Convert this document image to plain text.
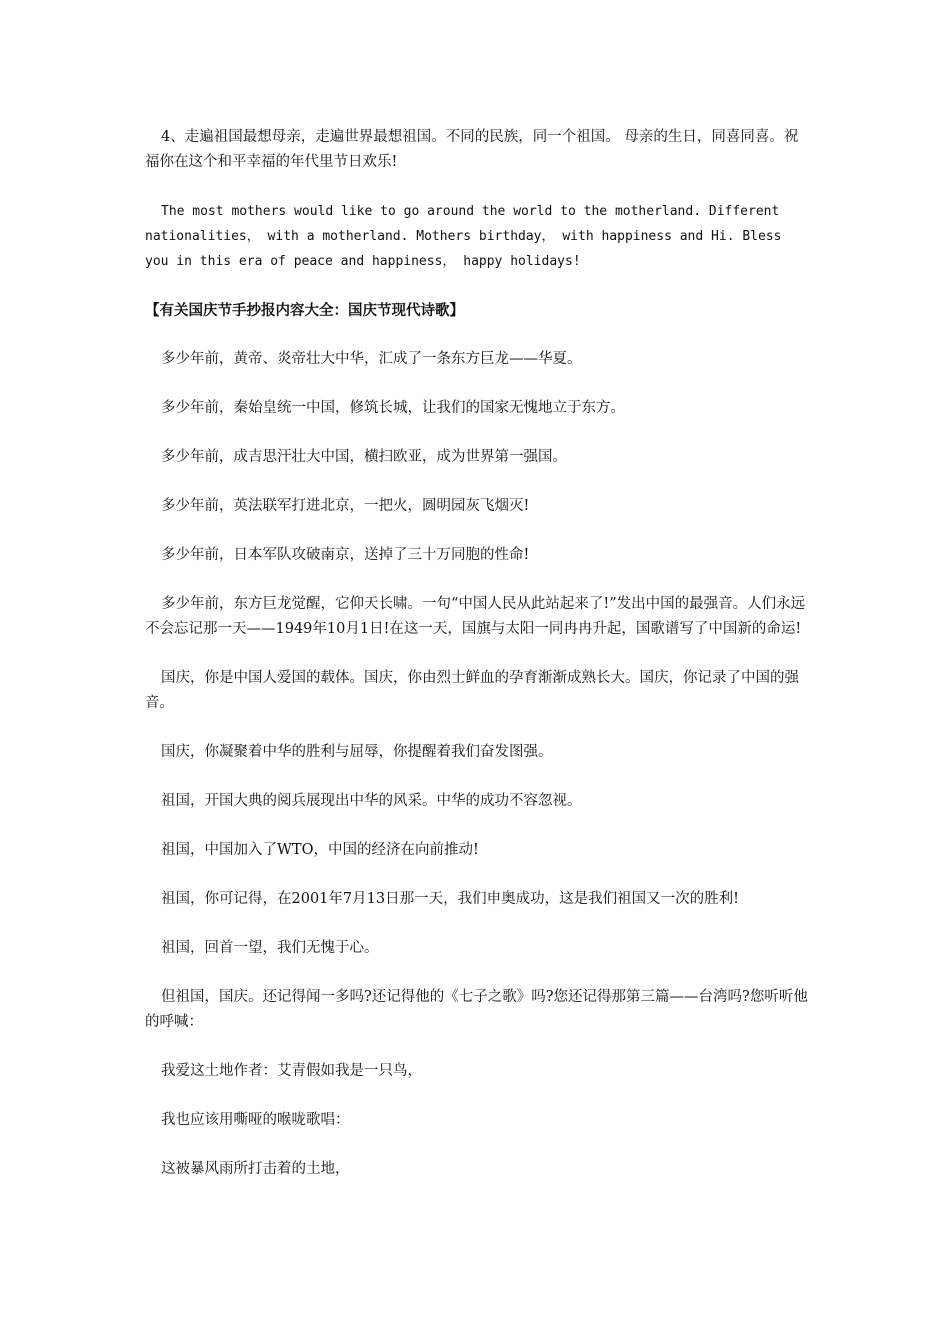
4、走遍祖国最想母亲，走遍世界最想祖国。不同的民族，同一个祖国。 母亲的生日，同喜同喜。祝福你在这个和平幸福的年代里节日欢乐!

The most mothers would like to go around the world to the motherland. Different nationalities， with a motherland. Mothers birthday， with happiness and Hi. Bless you in this era of peace and happiness， happy holidays!

【有关国庆节手抄报内容大全：国庆节现代诗歌】

多少年前，黄帝、炎帝壮大中华，汇成了一条东方巨龙——华夏。

多少年前，秦始皇统一中国，修筑长城，让我们的国家无愧地立于东方。

多少年前，成吉思汗壮大中国，横扫欧亚，成为世界第一强国。

多少年前，英法联军打进北京，一把火，圆明园灰飞烟灭!

多少年前，日本军队攻破南京，送掉了三十万同胞的性命!

多少年前，东方巨龙觉醒，它仰天长啸。一句“中国人民从此站起来了!”发出中国的最强音。人们永远不会忘记那一天——1949年10月1日!在这一天，国旗与太阳一同冉冉升起，国歌谱写了中国新的命运!

国庆，你是中国人爱国的载体。国庆，你由烈士鲜血的孕育渐渐成熟长大。国庆，你记录了中国的强音。

国庆，你凝聚着中华的胜利与屈辱，你提醒着我们奋发图强。

祖国，开国大典的阅兵展现出中华的风采。中华的成功不容忽视。

祖国，中国加入了WTO，中国的经济在向前推动!

祖国，你可记得，在2001年7月13日那一天，我们申奥成功，这是我们祖国又一次的胜利!

祖国，回首一望，我们无愧于心。

但祖国，国庆。还记得闻一多吗?还记得他的《七子之歌》吗?您还记得那第三篇——台湾吗?您听听他的呼喊：

我爱这土地作者：艾青假如我是一只鸟，

我也应该用嘶哑的喉咙歌唱：

这被暴风雨所打击着的土地，
